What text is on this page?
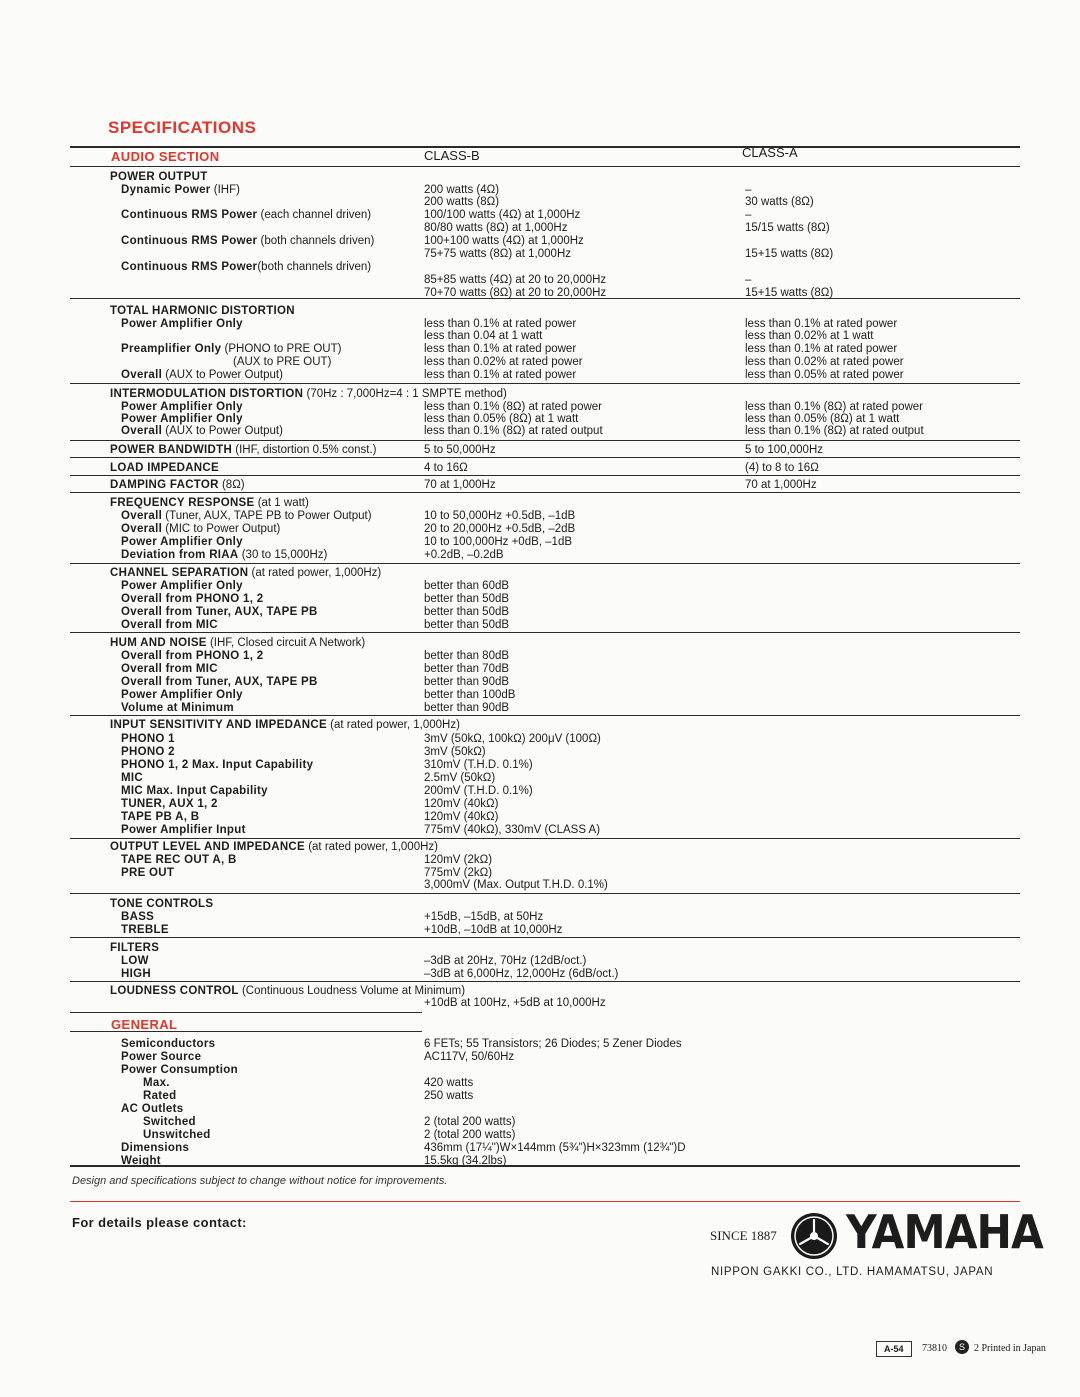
SPECIFICATIONS
AUDIO SECTION	CLASS-B	CLASS-A
POWER OUTPUT
Dynamic Power (IHF)	200 watts (4Ω)	–
200 watts (8Ω)	30 watts (8Ω)
Continuous RMS Power (each channel driven)	100/100 watts (4Ω) at 1,000Hz	–
80/80 watts (8Ω) at 1,000Hz	15/15 watts (8Ω)
Continuous RMS Power (both channels driven)	100+100 watts (4Ω) at 1,000Hz
75+75 watts (8Ω) at 1,000Hz	15+15 watts (8Ω)
Continuous RMS Power(both channels driven)
85+85 watts (4Ω) at 20 to 20,000Hz	–
70+70 watts (8Ω) at 20 to 20,000Hz	15+15 watts (8Ω)
TOTAL HARMONIC DISTORTION
Power Amplifier Only	less than 0.1% at rated power	less than 0.1% at rated power
less than 0.04 at 1 watt	less than 0.02% at 1 watt
Preamplifier Only (PHONO to PRE OUT)	less than 0.1% at rated power	less than 0.1% at rated power
(AUX to PRE OUT)	less than 0.02% at rated power	less than 0.02% at rated power
Overall (AUX to Power Output)	less than 0.1% at rated power	less than 0.05% at rated power
INTERMODULATION DISTORTION (70Hz : 7,000Hz=4 : 1 SMPTE method)
Power Amplifier Only	less than 0.1% (8Ω) at rated power	less than 0.1% (8Ω) at rated power
Power Amplifier Only	less than 0.05% (8Ω) at 1 watt	less than 0.05% (8Ω) at 1 watt
Overall (AUX to Power Output)	less than 0.1% (8Ω) at rated output	less than 0.1% (8Ω) at rated output
POWER BANDWIDTH (IHF, distortion 0.5% const.)	5 to 50,000Hz	5 to 100,000Hz
LOAD IMPEDANCE	4 to 16Ω	(4) to 8 to 16Ω
DAMPING FACTOR (8Ω)	70 at 1,000Hz	70 at 1,000Hz
FREQUENCY RESPONSE (at 1 watt)
Overall (Tuner, AUX, TAPE PB to Power Output)	10 to 50,000Hz +0.5dB, –1dB
Overall (MIC to Power Output)	20 to 20,000Hz +0.5dB, –2dB
Power Amplifier Only	10 to 100,000Hz +0dB, –1dB
Deviation from RIAA (30 to 15,000Hz)	+0.2dB, –0.2dB
CHANNEL SEPARATION (at rated power, 1,000Hz)
Power Amplifier Only	better than 60dB
Overall from PHONO 1, 2	better than 50dB
Overall from Tuner, AUX, TAPE PB	better than 50dB
Overall from MIC	better than 50dB
HUM AND NOISE (IHF, Closed circuit A Network)
Overall from PHONO 1, 2	better than 80dB
Overall from MIC	better than 70dB
Overall from Tuner, AUX, TAPE PB	better than 90dB
Power Amplifier Only	better than 100dB
Volume at Minimum	better than 90dB
INPUT SENSITIVITY AND IMPEDANCE (at rated power, 1,000Hz)
PHONO 1	3mV (50kΩ, 100kΩ) 200μV (100Ω)
PHONO 2	3mV (50kΩ)
PHONO 1, 2 Max. Input Capability	310mV (T.H.D. 0.1%)
MIC	2.5mV (50kΩ)
MIC Max. Input Capability	200mV (T.H.D. 0.1%)
TUNER, AUX 1, 2	120mV (40kΩ)
TAPE PB A, B	120mV (40kΩ)
Power Amplifier Input	775mV (40kΩ), 330mV (CLASS A)
OUTPUT LEVEL AND IMPEDANCE (at rated power, 1,000Hz)
TAPE REC OUT A, B	120mV (2kΩ)
PRE OUT	775mV (2kΩ)
3,000mV (Max. Output T.H.D. 0.1%)
TONE CONTROLS
BASS	+15dB, –15dB, at 50Hz
TREBLE	+10dB, –10dB at 10,000Hz
FILTERS
LOW	–3dB at 20Hz, 70Hz (12dB/oct.)
HIGH	–3dB at 6,000Hz, 12,000Hz (6dB/oct.)
LOUDNESS CONTROL (Continuous Loudness Volume at Minimum)
+10dB at 100Hz, +5dB at 10,000Hz
GENERAL
Semiconductors	6 FETs; 55 Transistors; 26 Diodes; 5 Zener Diodes
Power Source	AC117V, 50/60Hz
Power Consumption
Max.	420 watts
Rated	250 watts
AC Outlets
Switched	2 (total 200 watts)
Unswitched	2 (total 200 watts)
Dimensions	436mm (17¼")W×144mm (5¾")H×323mm (12¾")D
Weight	15.5kg (34.2lbs)
Design and specifications subject to change without notice for improvements.
For details please contact:
SINCE 1887 YAMAHA
NIPPON GAKKI CO., LTD. HAMAMATSU, JAPAN
A-54	73810	S 2 Printed in Japan
